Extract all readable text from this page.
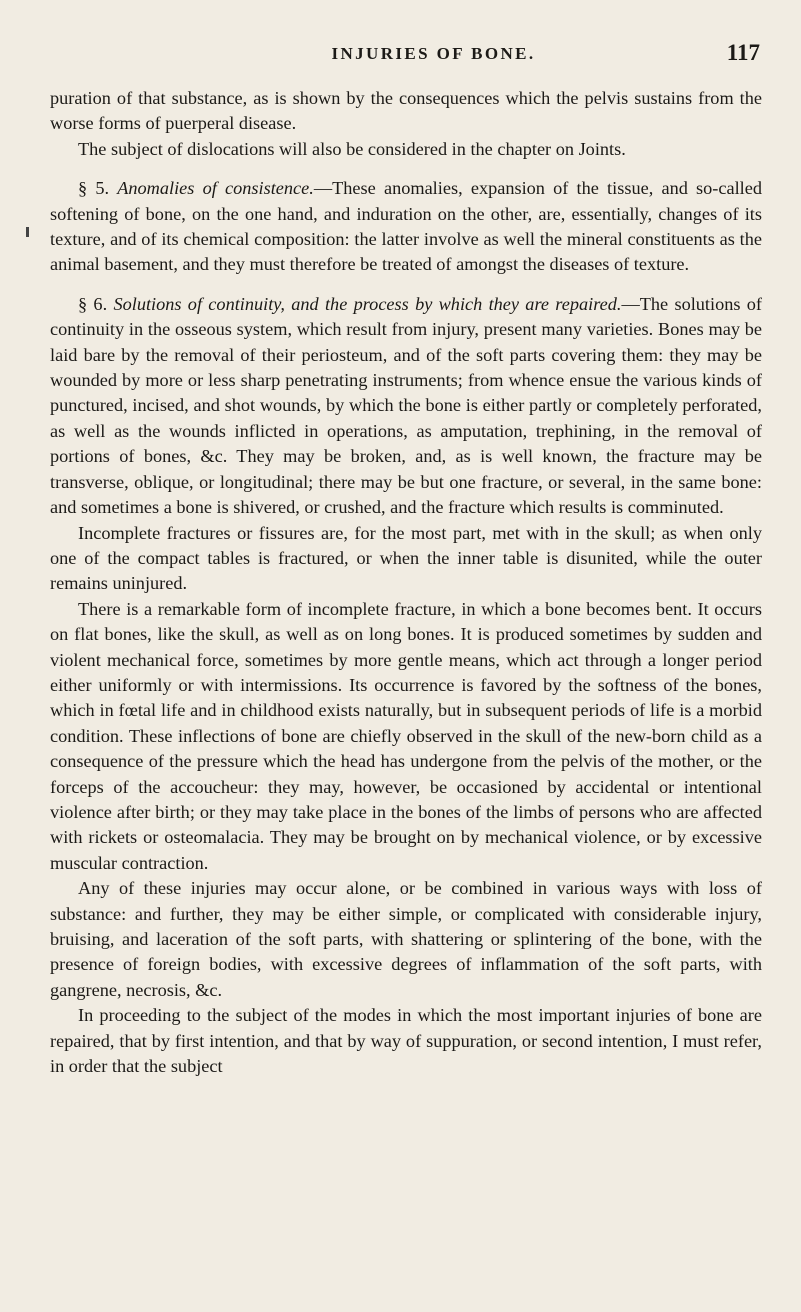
INJURIES OF BONE.	117

puration of that substance, as is shown by the consequences which the pelvis sustains from the worse forms of puerperal disease.

The subject of dislocations will also be considered in the chapter on Joints.

§ 5. Anomalies of consistence.—These anomalies, expansion of the tissue, and so-called softening of bone, on the one hand, and induration on the other, are, essentially, changes of its texture, and of its chemical composition: the latter involve as well the mineral constituents as the animal basement, and they must therefore be treated of amongst the diseases of texture.

§ 6. Solutions of continuity, and the process by which they are repaired.—The solutions of continuity in the osseous system, which result from injury, present many varieties. Bones may be laid bare by the removal of their periosteum, and of the soft parts covering them: they may be wounded by more or less sharp penetrating instruments; from whence ensue the various kinds of punctured, incised, and shot wounds, by which the bone is either partly or completely perforated, as well as the wounds inflicted in operations, as amputation, trephining, in the removal of portions of bones, &c. They may be broken, and, as is well known, the fracture may be transverse, oblique, or longitudinal; there may be but one fracture, or several, in the same bone: and sometimes a bone is shivered, or crushed, and the fracture which results is comminuted.

Incomplete fractures or fissures are, for the most part, met with in the skull; as when only one of the compact tables is fractured, or when the inner table is disunited, while the outer remains uninjured.

There is a remarkable form of incomplete fracture, in which a bone becomes bent. It occurs on flat bones, like the skull, as well as on long bones. It is produced sometimes by sudden and violent mechanical force, sometimes by more gentle means, which act through a longer period either uniformly or with intermissions. Its occurrence is favored by the softness of the bones, which in fœtal life and in childhood exists naturally, but in subsequent periods of life is a morbid condition. These inflections of bone are chiefly observed in the skull of the new-born child as a consequence of the pressure which the head has undergone from the pelvis of the mother, or the forceps of the accoucheur: they may, however, be occasioned by accidental or intentional violence after birth; or they may take place in the bones of the limbs of persons who are affected with rickets or osteomalacia. They may be brought on by mechanical violence, or by excessive muscular contraction.

Any of these injuries may occur alone, or be combined in various ways with loss of substance: and further, they may be either simple, or complicated with considerable injury, bruising, and laceration of the soft parts, with shattering or splintering of the bone, with the presence of foreign bodies, with excessive degrees of inflammation of the soft parts, with gangrene, necrosis, &c.

In proceeding to the subject of the modes in which the most important injuries of bone are repaired, that by first intention, and that by way of suppuration, or second intention, I must refer, in order that the subject
